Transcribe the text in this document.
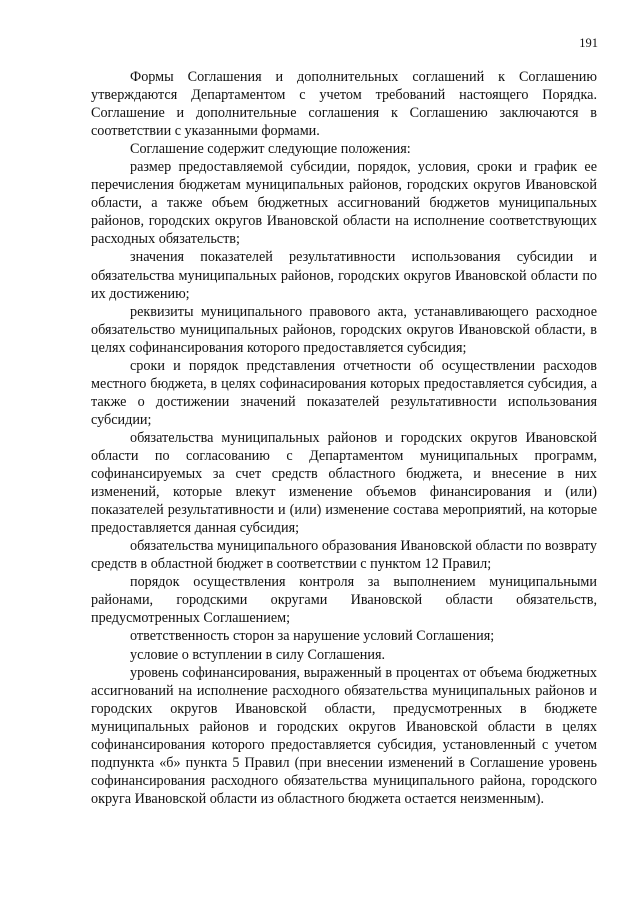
191

Формы Соглашения и дополнительных соглашений к Соглашению утверждаются Департаментом с учетом требований настоящего Порядка. Соглашение и дополнительные соглашения к Соглашению заключаются в соответствии с указанными формами.

Соглашение содержит следующие положения:

размер предоставляемой субсидии, порядок, условия, сроки и график ее перечисления бюджетам муниципальных районов, городских округов Ивановской области, а также объем бюджетных ассигнований бюджетов муниципальных районов, городских округов Ивановской области на исполнение соответствующих расходных обязательств;

значения показателей результативности использования субсидии и обязательства муниципальных районов, городских округов Ивановской области по их достижению;

реквизиты муниципального правового акта, устанавливающего расходное обязательство муниципальных районов, городских округов Ивановской области, в целях софинансирования которого предоставляется субсидия;

сроки и порядок представления отчетности об осуществлении расходов местного бюджета, в целях софинасирования которых предоставляется субсидия, а также о достижении значений показателей результативности использования субсидии;

обязательства муниципальных районов и городских округов Ивановской области по согласованию с Департаментом муниципальных программ, софинансируемых за счет средств областного бюджета, и внесение в них изменений, которые влекут изменение объемов финансирования и (или) показателей результативности и (или) изменение состава мероприятий, на которые предоставляется данная субсидия;

обязательства муниципального образования Ивановской области по возврату средств в областной бюджет в соответствии с пунктом 12 Правил;

порядок осуществления контроля за выполнением муниципальными районами, городскими округами Ивановской области обязательств, предусмотренных Соглашением;

ответственность сторон за нарушение условий Соглашения;

условие о вступлении в силу Соглашения.

уровень софинансирования, выраженный в процентах от объема бюджетных ассигнований на исполнение расходного обязательства муниципальных районов и городских округов Ивановской области, предусмотренных в бюджете муниципальных районов и городских округов Ивановской области в целях софинансирования которого предоставляется субсидия, установленный с учетом подпункта «б» пункта 5 Правил (при внесении изменений в Соглашение уровень софинансирования расходного обязательства муниципального района, городского округа Ивановской области из областного бюджета остается неизменным).
